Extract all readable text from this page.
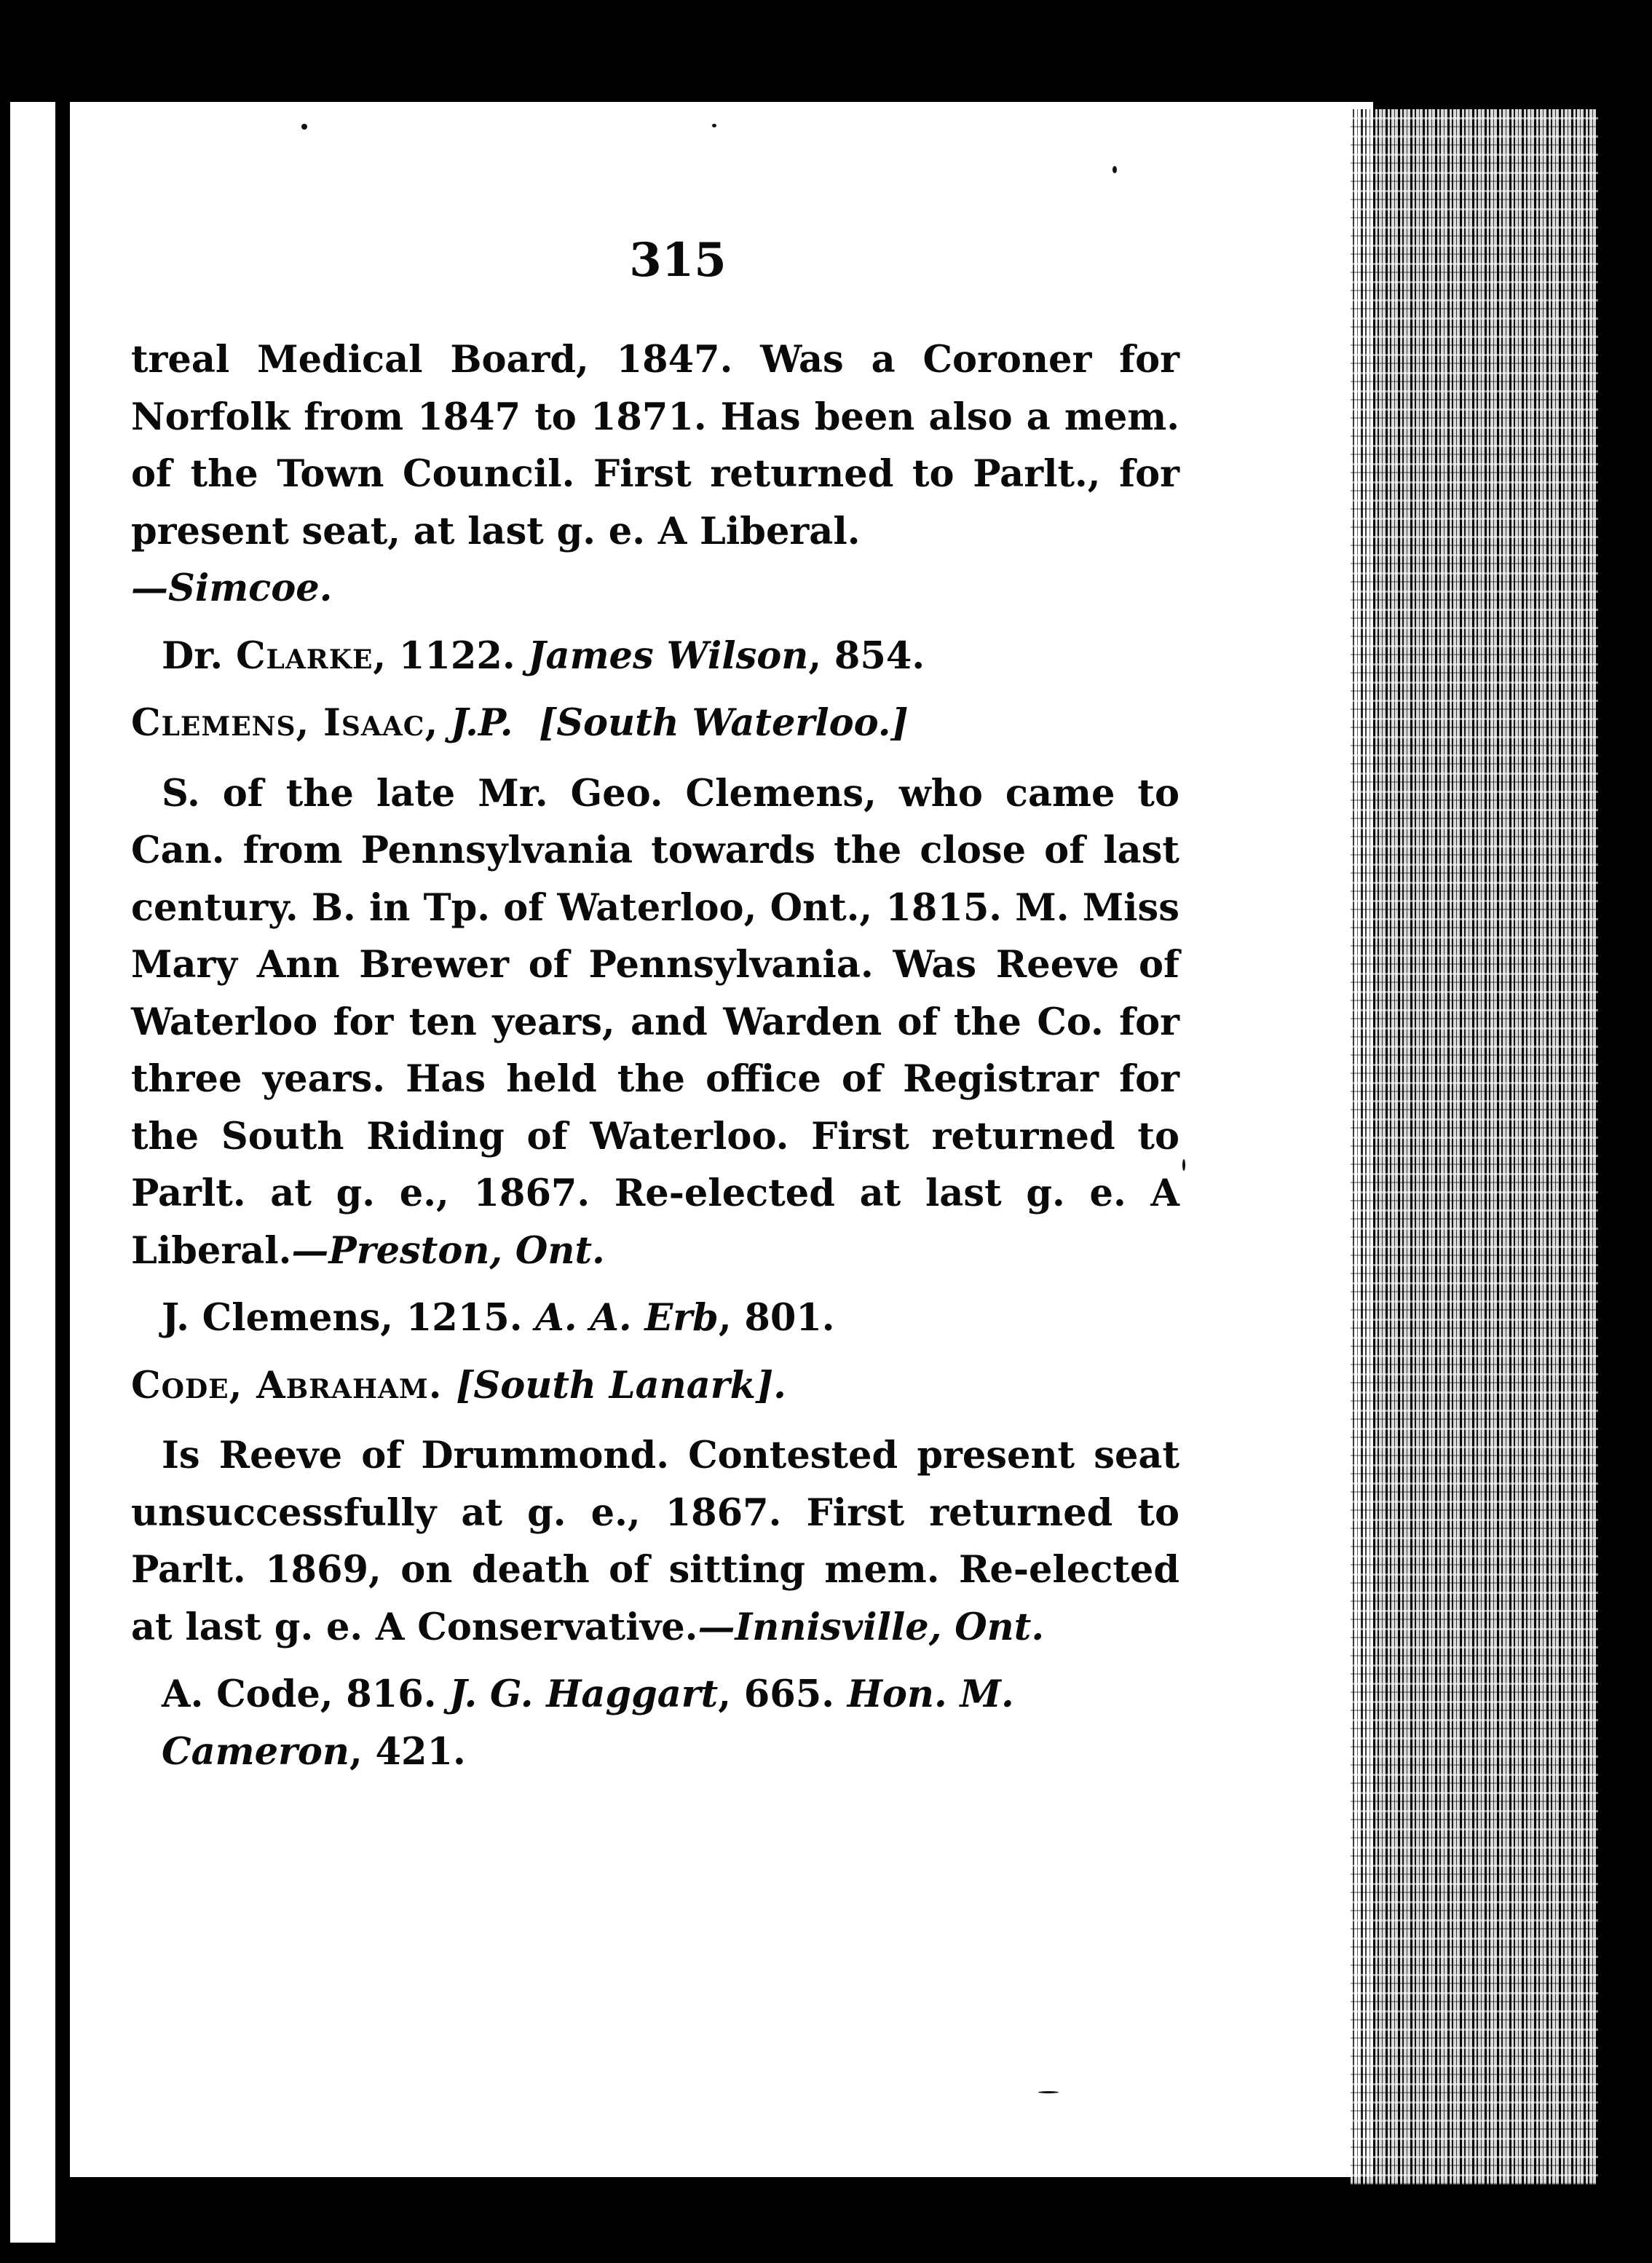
315

treal Medical Board, 1847. Was a Coroner for Norfolk from 1847 to 1871. Has been also a mem. of the Town Council. First returned to Parlt., for present seat, at last g. e. A Liberal.
—Simcoe.

Dr. Clarke, 1122. James Wilson, 854.

Clemens, Isaac, J.P. [South Waterloo.]

S. of the late Mr. Geo. Clemens, who came to Can. from Pennsylvania towards the close of last century. B. in Tp. of Waterloo, Ont., 1815. M. Miss Mary Ann Brewer of Pennsylvania. Was Reeve of Waterloo for ten years, and Warden of the Co. for three years. Has held the office of Registrar for the South Riding of Waterloo. First returned to Parlt. at g. e., 1867. Re-elected at last g. e. A Liberal.—Preston, Ont.

J. Clemens, 1215. A. A. Erb, 801.

Code, Abraham. [South Lanark].

Is Reeve of Drummond. Contested present seat unsuccessfully at g. e., 1867. First returned to Parlt. 1869, on death of sitting mem. Re-elected at last g. e. A Conservative.—Innisville, Ont.

A. Code, 816. J. G. Haggart, 665. Hon. M. Cameron, 421.
